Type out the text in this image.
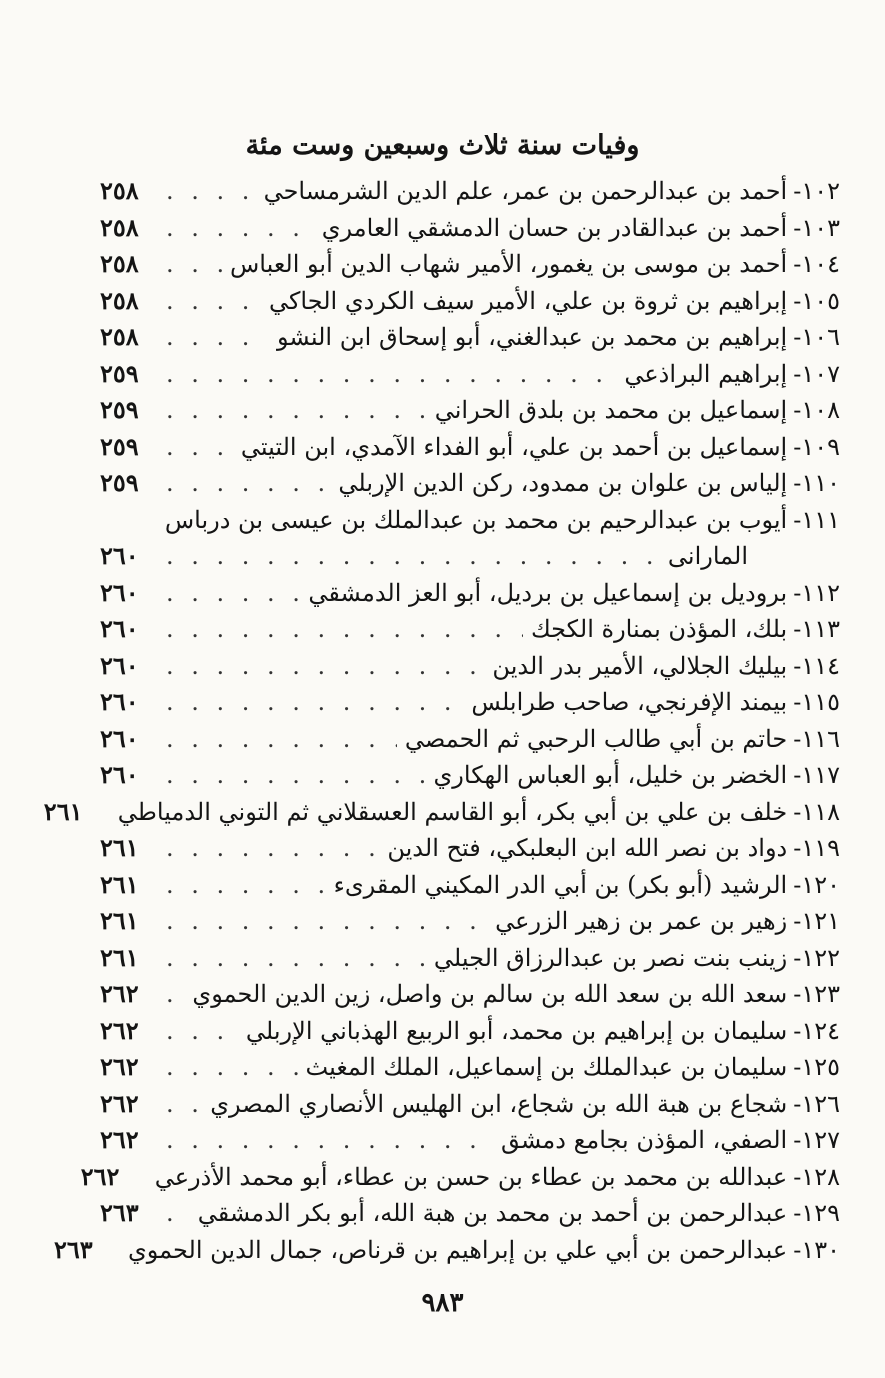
وفيات سنة ثلاث وسبعين وست مئة
١٠٢-
أحمد بن عبدالرحمن بن عمر، علم الدين الشرمساحي
. . .
٢٥٨
١٠٣-
أحمد بن عبدالقادر بن حسان الدمشقي العامري
. . .
٢٥٨
١٠٤-
أحمد بن موسى بن يغمور، الأمير شهاب الدين أبو العباس
. . .
٢٥٨
١٠٥-
إبراهيم بن ثروة بن علي، الأمير سيف الكردي الجاكي
. . .
٢٥٨
١٠٦-
إبراهيم بن محمد بن عبدالغني، أبو إسحاق ابن النشو
. . .
٢٥٨
١٠٧-
إبراهيم البراذعي
. . .
٢٥٩
١٠٨-
إسماعيل بن محمد بن بلدق الحراني
. . .
٢٥٩
١٠٩-
إسماعيل بن أحمد بن علي، أبو الفداء الآمدي، ابن التيتي
. . .
٢٥٩
١١٠-
إلياس بن علوان بن ممدود، ركن الدين الإربلي
. . .
٢٥٩
١١١-
أيوب بن عبدالرحيم بن محمد بن عبدالملك بن عيسى بن درباس
المارانى
. . .
٢٦٠
١١٢-
بروديل بن إسماعيل بن برديل، أبو العز الدمشقي
. . .
٢٦٠
١١٣-
بلك، المؤذن بمنارة الكجك
. . .
٢٦٠
١١٤-
بيليك الجلالي، الأمير بدر الدين
. . .
٢٦٠
١١٥-
بيمند الإفرنجي، صاحب طرابلس
. . .
٢٦٠
١١٦-
حاتم بن أبي طالب الرحبي ثم الحمصي
. . .
٢٦٠
١١٧-
الخضر بن خليل، أبو العباس الهكاري
. . .
٢٦٠
١١٨-
خلف بن علي بن أبي بكر، أبو القاسم العسقلاني ثم التوني الدمياطي
٢٦١
١١٩-
دواد بن نصر الله ابن البعلبكي، فتح الدين
. . .
٢٦١
١٢٠-
الرشيد (أبو بكر) بن أبي الدر المكيني المقرىء
. . .
٢٦١
١٢١-
زهير بن عمر بن زهير الزرعي
. . .
٢٦١
١٢٢-
زينب بنت نصر بن عبدالرزاق الجيلي
. . .
٢٦١
١٢٣-
سعد الله بن سعد الله بن سالم بن واصل، زين الدين الحموي
. . .
٢٦٢
١٢٤-
سليمان بن إبراهيم بن محمد، أبو الربيع الهذباني الإربلي
. . .
٢٦٢
١٢٥-
سليمان بن عبدالملك بن إسماعيل، الملك المغيث
. . .
٢٦٢
١٢٦-
شجاع بن هبة الله بن شجاع، ابن الهليس الأنصاري المصري
. . .
٢٦٢
١٢٧-
الصفي، المؤذن بجامع دمشق
. . .
٢٦٢
١٢٨-
عبدالله بن محمد بن عطاء بن حسن بن عطاء، أبو محمد الأذرعي
٢٦٢
١٢٩-
عبدالرحمن بن أحمد بن محمد بن هبة الله، أبو بكر الدمشقي
. . .
٢٦٣
١٣٠-
عبدالرحمن بن أبي علي بن إبراهيم بن قرناص، جمال الدين الحموي
٢٦٣
٩٨٣
